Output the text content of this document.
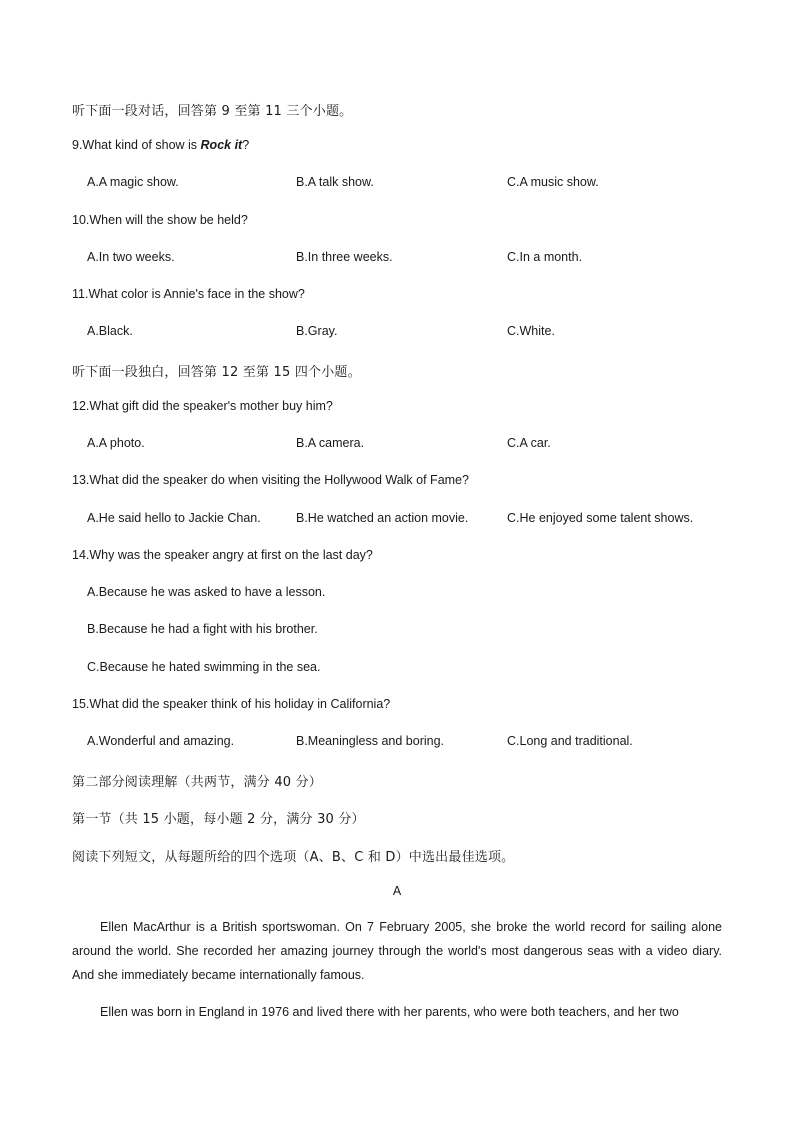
听下面一段对话，回答第 9 至第 11 三个小题。
9.What kind of show is Rock it?
A.A magic show.	B.A talk show.	C.A music show.
10.When will the show be held?
A.In two weeks.	B.In three weeks.	C.In a month.
11.What color is Annie's face in the show?
A.Black.	B.Gray.	C.White.
听下面一段独白，回答第 12 至第 15 四个小题。
12.What gift did the speaker's mother buy him?
A.A photo.	B.A camera.	C.A car.
13.What did the speaker do when visiting the Hollywood Walk of Fame?
A.He said hello to Jackie Chan.	B.He watched an action movie.	C.He enjoyed some talent shows.
14.Why was the speaker angry at first on the last day?
A.Because he was asked to have a lesson.
B.Because he had a fight with his brother.
C.Because he hated swimming in the sea.
15.What did the speaker think of his holiday in California?
A.Wonderful and amazing.	B.Meaningless and boring.	C.Long and traditional.
第二部分阅读理解（共两节，满分 40 分）
第一节（共 15 小题，每小题 2 分，满分 30 分）
阅读下列短文，从每题所给的四个选项（A、B、C 和 D）中选出最佳选项。
A
Ellen MacArthur is a British sportswoman. On 7 February 2005, she broke the world record for sailing alone around the world. She recorded her amazing journey through the world's most dangerous seas with a video diary. And she immediately became internationally famous.
Ellen was born in England in 1976 and lived there with her parents, who were both teachers, and her two
